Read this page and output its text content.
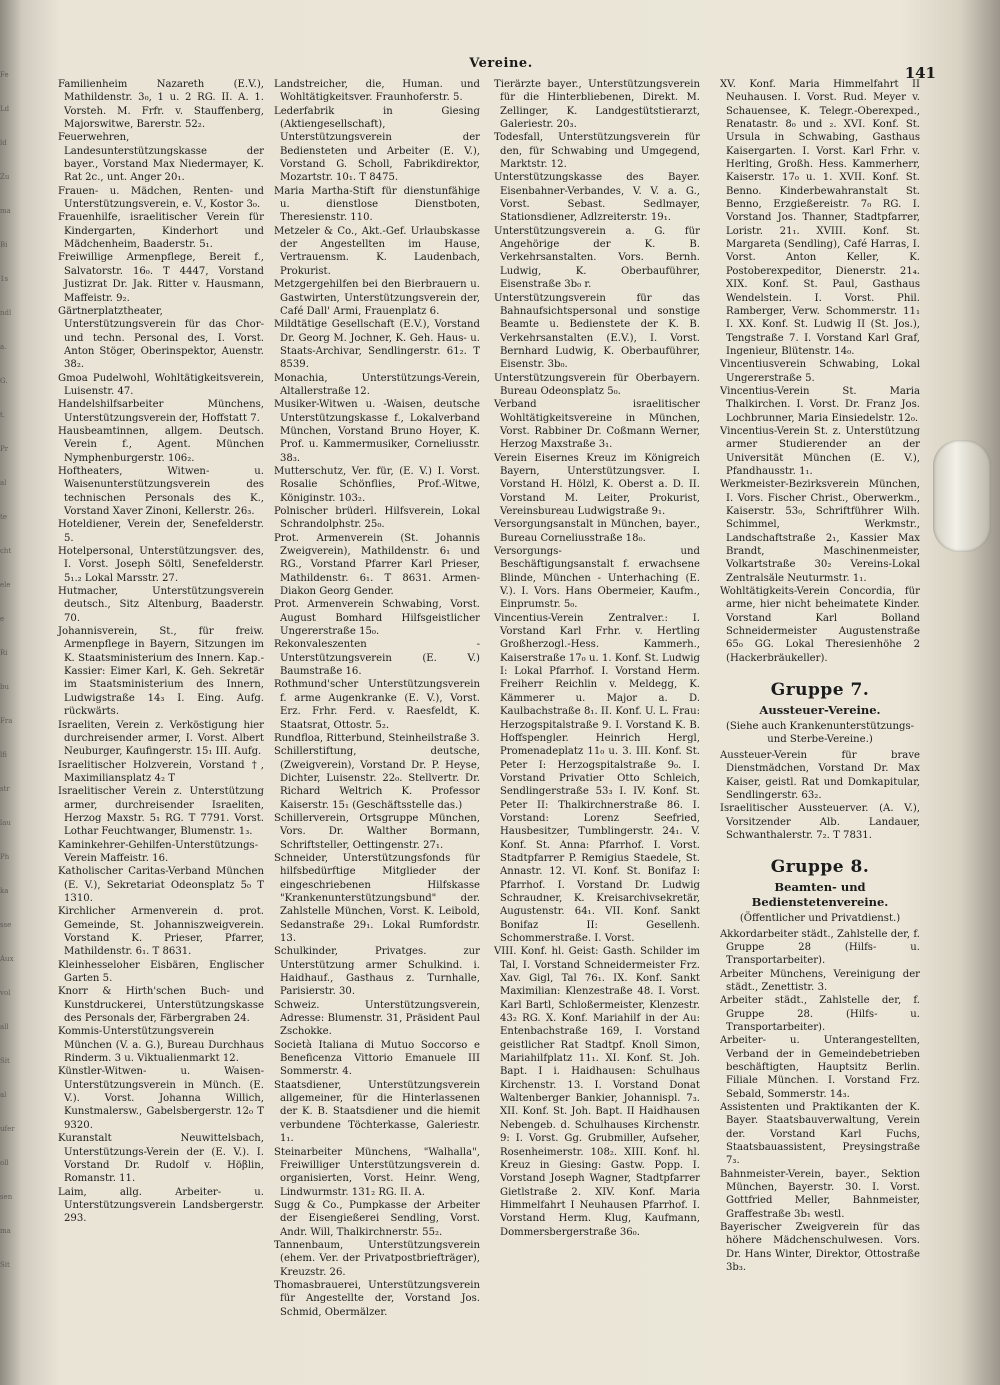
Fe
Ld
ld
Zu
ma
Bi
1s
ndl
a.
G.
t.
Pr
al
te
cht
ele
e
Ri
bu
Fra
lfi
str
lau
Ph
ka
sse
Aux
vol
all
Sit
al
ufer
oll
sen
ma
Sit
Vereine.
141

Familienheim Nazareth (E.V.), Mathildenstr. 3₀, 1 u. 2 RG. II. A. 1. Vorsteh. M. Frfr. v. Stauffenberg, Majorswitwe, Barerstr. 52₂.

Feuerwehren, Landesunterstützungskasse der bayer., Vorstand Max Niedermayer, K. Rat 2c., unt. Anger 20₁.

Frauen- u. Mädchen, Renten- und Unterstützungsverein, e. V., Kostor 3₀.

Frauenhilfe, israelitischer Verein für Kindergarten, Kinderhort und Mädchenheim, Baaderstr. 5₁.

Freiwillige Armenpflege, Bereit f., Salvatorstr. 16₀. T 4447, Vorstand Justizrat Dr. Jak. Ritter v. Hausmann, Maffeistr. 9₂.

Gärtnerplatztheater, Unterstützungsverein für das Chor- und techn. Personal des, I. Vorst. Anton Stöger, Oberinspektor, Auenstr. 38₂.

Gmoa Pudelwohl, Wohltätigkeitsverein, Luisenstr. 47.

Handelshilfsarbeiter Münchens, Unterstützungsverein der, Hoffstatt 7.

Hausbeamtinnen, allgem. Deutsch. Verein f., Agent. München Nymphenburgerstr. 106₂.

Hoftheaters, Witwen- u. Waisenunterstützungsverein des technischen Personals des K., Vorstand Xaver Zinoni, Kellerstr. 26₃.

Hoteldiener, Verein der, Senefelderstr. 5.

Hotelpersonal, Unterstützungsver. des, I. Vorst. Joseph Söltl, Senefelderstr. 5₁.₂ Lokal Marsstr. 27.

Hutmacher, Unterstützungsverein deutsch., Sitz Altenburg, Baaderstr. 70.

Johannisverein, St., für freiw. Armenpflege in Bayern, Sitzungen im K. Staatsministerium des Innern. Kap.-Kassier: Eimer Karl, K. Geh. Sekretär im Staatsministerium des Innern, Ludwigstraße 14₃ I. Eing. Aufg. rückwärts.

Israeliten, Verein z. Verköstigung hier durchreisender armer, I. Vorst. Albert Neuburger, Kaufingerstr. 15₁ III. Aufg.

Israelitischer Holzverein, Vorstand †, Maximiliansplatz 4₂ T

Israelitischer Verein z. Unterstützung armer, durchreisender Israeliten, Herzog Maxstr. 5₁ RG. T 7791. Vorst. Lothar Feuchtwanger, Blumenstr. 1₃.

Kaminkehrer-Gehilfen-Unterstützungs-Verein Maffeistr. 16.

Katholischer Caritas-Verband München (E. V.), Sekretariat Odeonsplatz 5₀ T 1310.

Kirchlicher Armenverein d. prot. Gemeinde, St. Johanniszweigverein. Vorstand K. Prieser, Pfarrer, Mathildenstr. 6₁. T 8631.

Kleinhesseloher Eisbären, Englischer Garten 5.

Knorr & Hirth'schen Buch- und Kunstdruckerei, Unterstützungskasse des Personals der, Färbergraben 24.

Kommis-Unterstützungsverein München (V. a. G.), Bureau Durchhaus Rinderm. 3 u. Viktualienmarkt 12.

Künstler-Witwen- u. Waisen-Unterstützungsverein in Münch. (E. V.). Vorst. Johanna Willich, Kunstmalersw., Gabelsbergerstr. 12₀ T 9320.

Kuranstalt Neuwittelsbach, Unterstützungs-Verein der (E. V.). I. Vorstand Dr. Rudolf v. Höβlin, Romanstr. 11.

Laim, allg. Arbeiter- u. Unterstützungsverein Landsbergerstr. 293.

Landstreicher, die, Human. und Wohltätigkeitsver. Fraunhoferstr. 5.

Lederfabrik in Giesing (Aktiengesellschaft), Unterstützungsverein der Bediensteten und Arbeiter (E. V.), Vorstand G. Scholl, Fabrikdirektor, Mozartstr. 10₁. T 8475.

Maria Martha-Stift für dienstunfähige u. dienstlose Dienstboten, Theresienstr. 110.

Metzeler & Co., Akt.-Gef. Urlaubskasse der Angestellten im Hause, Vertrauensm. K. Laudenbach, Prokurist.

Metzgergehilfen bei den Bierbrauern u. Gastwirten, Unterstützungsverein der, Café Dall' Armi, Frauenplatz 6.

Mildtätige Gesellschaft (E.V.), Vorstand Dr. Georg M. Jochner, K. Geh. Haus- u. Staats-Archivar, Sendlingerstr. 61₂. T 8539.

Monachia, Unterstützungs-Verein, Altallerstraße 12.

Musiker-Witwen u. -Waisen, deutsche Unterstützungskasse f., Lokalverband München, Vorstand Bruno Hoyer, K. Prof. u. Kammermusiker, Corneliusstr. 38₃.

Mutterschutz, Ver. für, (E. V.) I. Vorst. Rosalie Schönflies, Prof.-Witwe, Königinstr. 103₂.

Polnischer brüderl. Hilfsverein, Lokal Schrandolphstr. 25₀.

Prot. Armenverein (St. Johannis Zweigverein), Mathildenstr. 6₁ und RG., Vorstand Pfarrer Karl Prieser, Mathildenstr. 6₁. T 8631. Armen-Diakon Georg Gender.

Prot. Armenverein Schwabing, Vorst. August Bomhard Hilfsgeistlicher Ungererstraße 15₀.

Rekonvaleszenten - Unterstützungsverein (E. V.) Baumstraße 16.

Rothmund'scher Unterstützungsverein f. arme Augenkranke (E. V.), Vorst. Erz. Frhr. Ferd. v. Raesfeldt, K. Staatsrat, Ottostr. 5₂.

Rundfloa, Ritterbund, Steinheilstraße 3.

Schillerstiftung, deutsche, (Zweigverein), Vorstand Dr. P. Heyse, Dichter, Luisenstr. 22₀. Stellvertr. Dr. Richard Weltrich K. Professor Kaiserstr. 15₁ (Geschäftsstelle das.)

Schillerverein, Ortsgruppe München, Vors. Dr. Walther Bormann, Schriftsteller, Oettingenstr. 27₁.

Schneider, Unterstützungsfonds für hilfsbedürftige Mitglieder der eingeschriebenen Hilfskasse "Krankenunterstützungsbund" der. Zahlstelle München, Vorst. K. Leibold, Sedanstraße 29₁. Lokal Rumfordstr. 13.

Schulkinder, Privatges. zur Unterstützung armer Schulkind. i. Haidhauf., Gasthaus z. Turnhalle, Parisierstr. 30.

Schweiz. Unterstützungsverein, Adresse: Blumenstr. 31, Präsident Paul Zschokke.

Società Italiana di Mutuo Soccorso e Beneficenza Vittorio Emanuele III Sommerstr. 4.

Staatsdiener, Unterstützungsverein allgemeiner, für die Hinterlassenen der K. B. Staatsdiener und die hiemit verbundene Töchterkasse, Galeriestr. 1₁.

Steinarbeiter Münchens, "Walhalla", Freiwilliger Unterstützungsverein d. organisierten, Vorst. Heinr. Weng, Lindwurmstr. 131₂ RG. II. A.

Sugg & Co., Pumpkasse der Arbeiter der Eisengießerei Sendling, Vorst. Andr. Will, Thalkirchnerstr. 55₂.

Tannenbaum, Unterstützungsverein (ehem. Ver. der Privatpostbriefträger), Kreuzstr. 26.

Thomasbrauerei, Unterstützungsverein für Angestellte der, Vorstand Jos. Schmid, Obermälzer.

Tierärzte bayer., Unterstützungsverein für die Hinterbliebenen, Direkt. M. Zellinger, K. Landgestütstierarzt, Galeriestr. 20₃.

Todesfall, Unterstützungsverein für den, für Schwabing und Umgegend, Marktstr. 12.

Unterstützungskasse des Bayer. Eisenbahner-Verbandes, V. V. a. G., Vorst. Sebast. Sedlmayer, Stationsdiener, Adlzreiterstr. 19₁.

Unterstützungsverein a. G. für Angehörige der K. B. Verkehrsanstalten. Vors. Bernh. Ludwig, K. Oberbauführer, Eisenstraße 3b₀ r.

Unterstützungsverein für das Bahnaufsichtspersonal und sonstige Beamte u. Bedienstete der K. B. Verkehrsanstalten (E.V.), I. Vorst. Bernhard Ludwig, K. Oberbauführer, Eisenstr. 3b₀.

Unterstützungsverein für Oberbayern. Bureau Odeonsplatz 5₀.

Verband israelitischer Wohltätigkeitsvereine in München, Vorst. Rabbiner Dr. Coßmann Werner, Herzog Maxstraße 3₁.

Verein Eisernes Kreuz im Königreich Bayern, Unterstützungsver. I. Vorstand H. Hölzl, K. Oberst a. D. II. Vorstand M. Leiter, Prokurist, Vereinsbureau Ludwigstraße 9₁.

Versorgungsanstalt in München, bayer., Bureau Corneliusstraße 18₀.

Versorgungs- und Beschäftigungsanstalt f. erwachsene Blinde, München - Unterhaching (E. V.). I. Vors. Hans Obermeier, Kaufm., Einprumstr. 5₀.

Vincentius-Verein Zentralver.: I. Vorstand Karl Frhr. v. Hertling Großherzogl.-Hess. Kammerh., Kaiserstraße 17₀ u. 1. Konf. St. Ludwig I: Lokal Pfarrhof. I. Vorstand Herm. Freiherr Reichlin v. Meldegg, K. Kämmerer u. Major a. D. Kaulbachstraße 8₁. II. Konf. U. L. Frau: Herzogspitalstraße 9. I. Vorstand K. B. Hoffspengler. Heinrich Hergl, Promenadeplatz 11₀ u. 3. III. Konf. St. Peter I: Herzogspitalstraße 9₀. I. Vorstand Privatier Otto Schleich, Sendlingerstraße 53₃ I. IV. Konf. St. Peter II: Thalkirchnerstraße 86. I. Vorstand: Lorenz Seefried, Hausbesitzer, Tumblingerstr. 24₁. V. Konf. St. Anna: Pfarrhof. I. Vorst. Stadtpfarrer P. Remigius Staedele, St. Annastr. 12. VI. Konf. St. Bonifaz I: Pfarrhof. I. Vorstand Dr. Ludwig Schraudner, K. Kreisarchivsekretär, Augustenstr. 64₁. VII. Konf. Sankt Bonifaz II: Gesellenh. Schommerstraße. I. Vorst.

VIII. Konf. hl. Geist: Gasth. Schilder im Tal, I. Vorstand Schneidermeister Frz. Xav. Gigl, Tal 76₁. IX. Konf. Sankt Maximilian: Klenzestraße 48. I. Vorst. Karl Bartl, Schloßermeister, Klenzestr. 43₂ RG. X. Konf. Mariahilf in der Au: Entenbachstraße 169, I. Vorstand geistlicher Rat Stadtpf. Knoll Simon, Mariahilfplatz 11₁. XI. Konf. St. Joh. Bapt. I i. Haidhausen: Schulhaus Kirchenstr. 13. I. Vorstand Donat Waltenberger Bankier, Johannispl. 7₃. XII. Konf. St. Joh. Bapt. II Haidhausen Nebengeb. d. Schulhauses Kirchenstr. 9: I. Vorst. Gg. Grubmiller, Aufseher, Rosenheimerstr. 108₂. XIII. Konf. hl. Kreuz in Giesing: Gastw. Popp. I. Vorstand Joseph Wagner, Stadtpfarrer Gietlstraße 2. XIV. Konf. Maria Himmelfahrt I Neuhausen Pfarrhof. I. Vorstand Herm. Klug, Kaufmann, Dommersbergerstraße 36₀.

XV. Konf. Maria Himmelfahrt II Neuhausen. I. Vorst. Rud. Meyer v. Schauensee, K. Telegr.-Oberexped., Renatastr. 8₀ und ₂. XVI. Konf. St. Ursula in Schwabing, Gasthaus Kaisergarten. I. Vorst. Karl Frhr. v. Herlting, Großh. Hess. Kammerherr, Kaiserstr. 17₀ u. 1. XVII. Konf. St. Benno. Kinderbewahranstalt St. Benno, Erzgießereistr. 7₀ RG. I. Vorstand Jos. Thanner, Stadtpfarrer, Loristr. 21₁. XVIII. Konf. St. Margareta (Sendling), Café Harras, I. Vorst. Anton Keller, K. Postoberexpeditor, Dienerstr. 21₄. XIX. Konf. St. Paul, Gasthaus Wendelstein. I. Vorst. Phil. Ramberger, Verw. Schommerstr. 11₁ I. XX. Konf. St. Ludwig II (St. Jos.), Tengstraße 7. I. Vorstand Karl Graf, Ingenieur, Blütenstr. 14₀.

Vincentiusverein Schwabing, Lokal Ungererstraße 5.

Vincentius-Verein St. Maria Thalkirchen. I. Vorst. Dr. Franz Jos. Lochbrunner, Maria Einsiedelstr. 12₀.

Vincentius-Verein St. z. Unterstützung armer Studierender an der Universität München (E. V.), Pfandhausstr. 1₁.

Werkmeister-Bezirksverein München, I. Vors. Fischer Christ., Oberwerkm., Kaiserstr. 53₀, Schriftführer Wilh. Schimmel, Werkmstr., Landschaftstraße 2₁, Kassier Max Brandt, Maschinenmeister, Volkartstraße 30₂ Vereins-Lokal Zentralsäle Neuturmstr. 1₁.

Wohltätigkeits-Verein Concordia, für arme, hier nicht beheimatete Kinder. Vorstand Karl Bolland Schneidermeister Augustenstraße 65₀ GG. Lokal Theresienhöhe 2 (Hackerbräukeller).

Gruppe 7.
Aussteuer-Vereine.
(Siehe auch Krankenunterstützungs- und Sterbe-Vereine.)

Aussteuer-Verein für brave Dienstmädchen, Vorstand Dr. Max Kaiser, geistl. Rat und Domkapitular, Sendlingerstr. 63₂.

Israelitischer Aussteuerver. (A. V.), Vorsitzender Alb. Landauer, Schwanthalerstr. 7₂. T 7831.

Gruppe 8.
Beamten- und Bedienstetenvereine.
(Öffentlicher und Privatdienst.)

Akkordarbeiter städt., Zahlstelle der, f. Gruppe 28 (Hilfs- u. Transportarbeiter).

Arbeiter Münchens, Vereinigung der städt., Zenettistr. 3.

Arbeiter städt., Zahlstelle der, f. Gruppe 28. (Hilfs- u. Transportarbeiter).

Arbeiter- u. Unterangestellten, Verband der in Gemeindebetrieben beschäftigten, Hauptsitz Berlin. Filiale München. I. Vorstand Frz. Sebald, Sommerstr. 14₃.

Assistenten und Praktikanten der K. Bayer. Staatsbauverwaltung, Verein der. Vorstand Karl Fuchs, Staatsbauassistent, Preysingstraße 7₃.

Bahnmeister-Verein, bayer., Sektion München, Bayerstr. 30. I. Vorst. Gottfried Meller, Bahnmeister, Graffestraße 3b₁ westl.

Bayerischer Zweigverein für das höhere Mädchenschulwesen. Vors. Dr. Hans Winter, Direktor, Ottostraße 3b₃.
